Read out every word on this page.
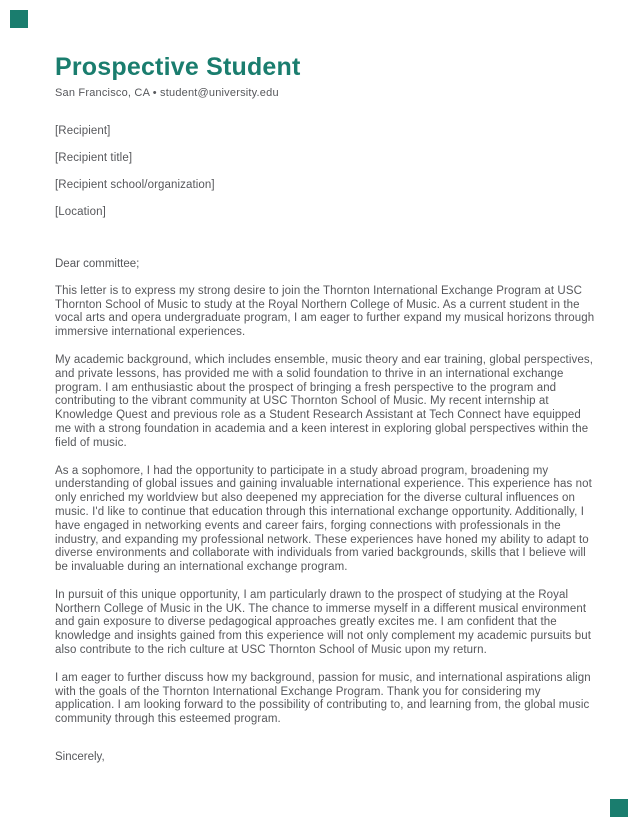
Prospective Student
San Francisco, CA • student@university.edu
[Recipient]
[Recipient title]
[Recipient school/organization]
[Location]
Dear committee;

This letter is to express my strong desire to join the Thornton International Exchange Program at USC Thornton School of Music to study at the Royal Northern College of Music. As a current student in the vocal arts and opera undergraduate program, I am eager to further expand my musical horizons through immersive international experiences.

My academic background, which includes ensemble, music theory and ear training, global perspectives, and private lessons, has provided me with a solid foundation to thrive in an international exchange program. I am enthusiastic about the prospect of bringing a fresh perspective to the program and contributing to the vibrant community at USC Thornton School of Music. My recent internship at Knowledge Quest and previous role as a Student Research Assistant at Tech Connect have equipped me with a strong foundation in academia and a keen interest in exploring global perspectives within the field of music.

As a sophomore, I had the opportunity to participate in a study abroad program, broadening my understanding of global issues and gaining invaluable international experience. This experience has not only enriched my worldview but also deepened my appreciation for the diverse cultural influences on music. I'd like to continue that education through this international exchange opportunity. Additionally, I have engaged in networking events and career fairs, forging connections with professionals in the industry, and expanding my professional network. These experiences have honed my ability to adapt to diverse environments and collaborate with individuals from varied backgrounds, skills that I believe will be invaluable during an international exchange program.

In pursuit of this unique opportunity, I am particularly drawn to the prospect of studying at the Royal Northern College of Music in the UK. The chance to immerse myself in a different musical environment and gain exposure to diverse pedagogical approaches greatly excites me. I am confident that the knowledge and insights gained from this experience will not only complement my academic pursuits but also contribute to the rich culture at USC Thornton School of Music upon my return.

I am eager to further discuss how my background, passion for music, and international aspirations align with the goals of the Thornton International Exchange Program. Thank you for considering my application. I am looking forward to the possibility of contributing to, and learning from, the global music community through this esteemed program.

Sincerely,
